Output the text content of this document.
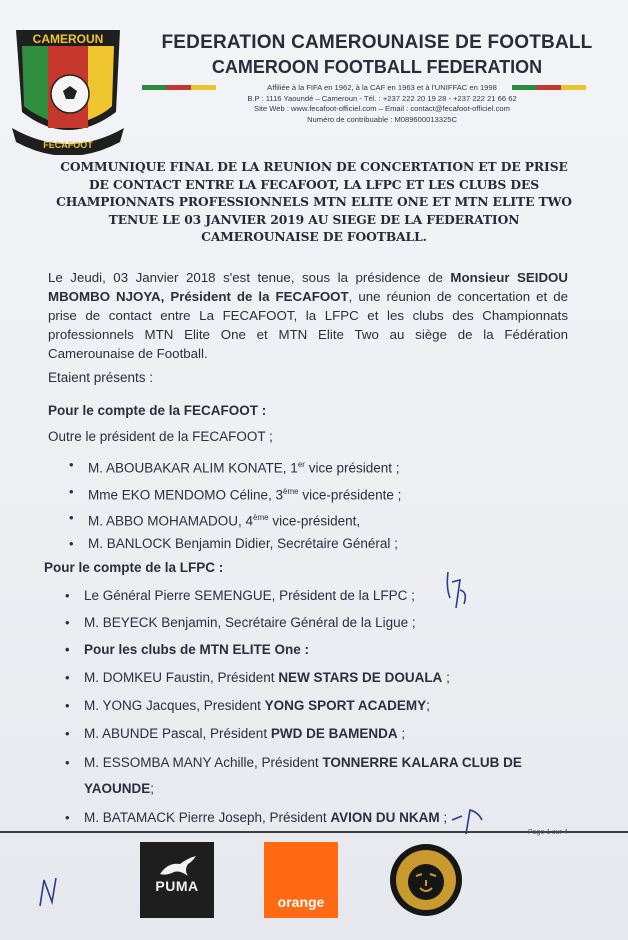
CAMEROUN
FECAFOOT
FEDERATION CAMEROUNAISE DE FOOTBALL
CAMEROON FOOTBALL FEDERATION
Affiliée à la FIFA en 1962, à la CAF en 1963 et à l'UNIFFAC en 1998
B.P : 1116 Yaoundé – Cameroun - Tél. : +237 222 20 19 28 - +237 222 21 66 62
Site Web : www.fecafoot-officiel.com – Email : contact@fecafoot-officiel.com
Numéro de contribuable : M089600013325C
COMMUNIQUE FINAL DE LA REUNION DE CONCERTATION ET DE PRISE DE CONTACT ENTRE LA FECAFOOT, LA LFPC ET LES CLUBS DES CHAMPIONNATS PROFESSIONNELS MTN ELITE ONE ET MTN ELITE TWO TENUE LE 03 JANVIER 2019 AU SIEGE DE LA FEDERATION CAMEROUNAISE DE FOOTBALL.
Le Jeudi, 03 Janvier 2018 s'est tenue, sous la présidence de Monsieur SEIDOU MBOMBO NJOYA, Président de la FECAFOOT, une réunion de concertation et de prise de contact entre La FECAFOOT, la LFPC et les clubs des Championnats professionnels MTN Elite One et MTN Elite Two au siège de la Fédération Camerounaise de Football.
Etaient présents :
Pour le compte de la FECAFOOT :
Outre le président de la FECAFOOT ;
• M. ABOUBAKAR ALIM KONATE, 1er vice président ;
• Mme EKO MENDOMO Céline, 3ème vice-présidente ;
• M. ABBO MOHAMADOU, 4ème vice-président,
• M. BANLOCK Benjamin Didier, Secrétaire Général ;
Pour le compte de la LFPC :
• Le Général Pierre SEMENGUE, Président de la LFPC ;
• M. BEYECK Benjamin, Secrétaire Général de la Ligue ;
• Pour les clubs de MTN ELITE One :
• M. DOMKEU Faustin, Président NEW STARS DE DOUALA ;
• M. YONG Jacques, President YONG SPORT ACADEMY;
• M. ABUNDE Pascal, Président PWD DE BAMENDA ;
• M. ESSOMBA MANY Achille, Président TONNERRE KALARA CLUB DE
YAOUNDE;
• M. BATAMACK Pierre Joseph, Président AVION DU NKAM ;
Page 1 sur 4
PUMA
orange
